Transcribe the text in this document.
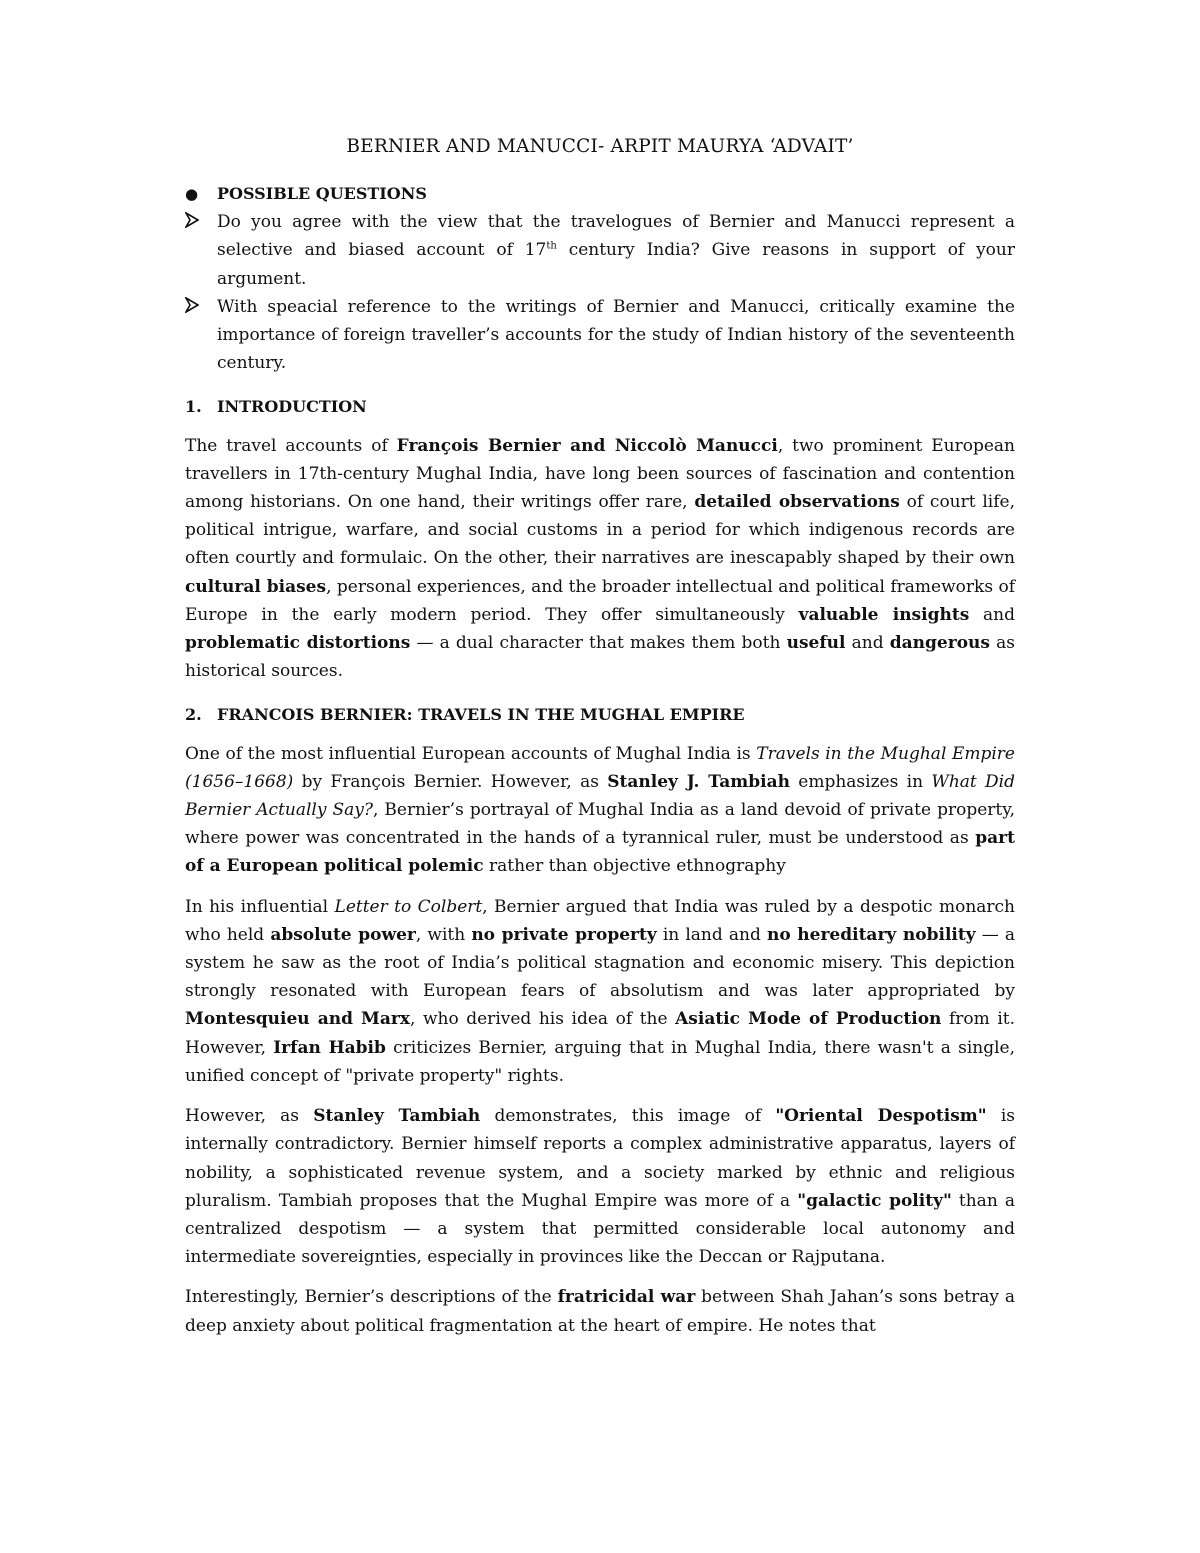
BERNIER AND MANUCCI- ARPIT MAURYA ‘ADVAIT’
●	POSSIBLE QUESTIONS
Do you agree with the view that the travelogues of Bernier and Manucci represent a selective and biased account of 17th century India? Give reasons in support of your argument.
With speacial reference to the writings of Bernier and Manucci, critically examine the importance of foreign traveller’s accounts for the study of Indian history of the seventeenth century.
1. INTRODUCTION

The travel accounts of François Bernier and Niccolò Manucci, two prominent European travellers in 17th-century Mughal India, have long been sources of fascination and contention among historians. On one hand, their writings offer rare, detailed observations of court life, political intrigue, warfare, and social customs in a period for which indigenous records are often courtly and formulaic. On the other, their narratives are inescapably shaped by their own cultural biases, personal experiences, and the broader intellectual and political frameworks of Europe in the early modern period. They offer simultaneously valuable insights and problematic distortions — a dual character that makes them both useful and dangerous as historical sources.

2. FRANCOIS BERNIER: TRAVELS IN THE MUGHAL EMPIRE

One of the most influential European accounts of Mughal India is Travels in the Mughal Empire (1656–1668) by François Bernier. However, as Stanley J. Tambiah emphasizes in What Did Bernier Actually Say?, Bernier’s portrayal of Mughal India as a land devoid of private property, where power was concentrated in the hands of a tyrannical ruler, must be understood as part of a European political polemic rather than objective ethnography

In his influential Letter to Colbert, Bernier argued that India was ruled by a despotic monarch who held absolute power, with no private property in land and no hereditary nobility — a system he saw as the root of India’s political stagnation and economic misery. This depiction strongly resonated with European fears of absolutism and was later appropriated by Montesquieu and Marx, who derived his idea of the Asiatic Mode of Production from it. However, Irfan Habib criticizes Bernier, arguing that in Mughal India, there wasn't a single, unified concept of "private property" rights.

However, as Stanley Tambiah demonstrates, this image of "Oriental Despotism" is internally contradictory. Bernier himself reports a complex administrative apparatus, layers of nobility, a sophisticated revenue system, and a society marked by ethnic and religious pluralism. Tambiah proposes that the Mughal Empire was more of a "galactic polity" than a centralized despotism — a system that permitted considerable local autonomy and intermediate sovereignties, especially in provinces like the Deccan or Rajputana.

Interestingly, Bernier’s descriptions of the fratricidal war between Shah Jahan’s sons betray a deep anxiety about political fragmentation at the heart of empire. He notes that
